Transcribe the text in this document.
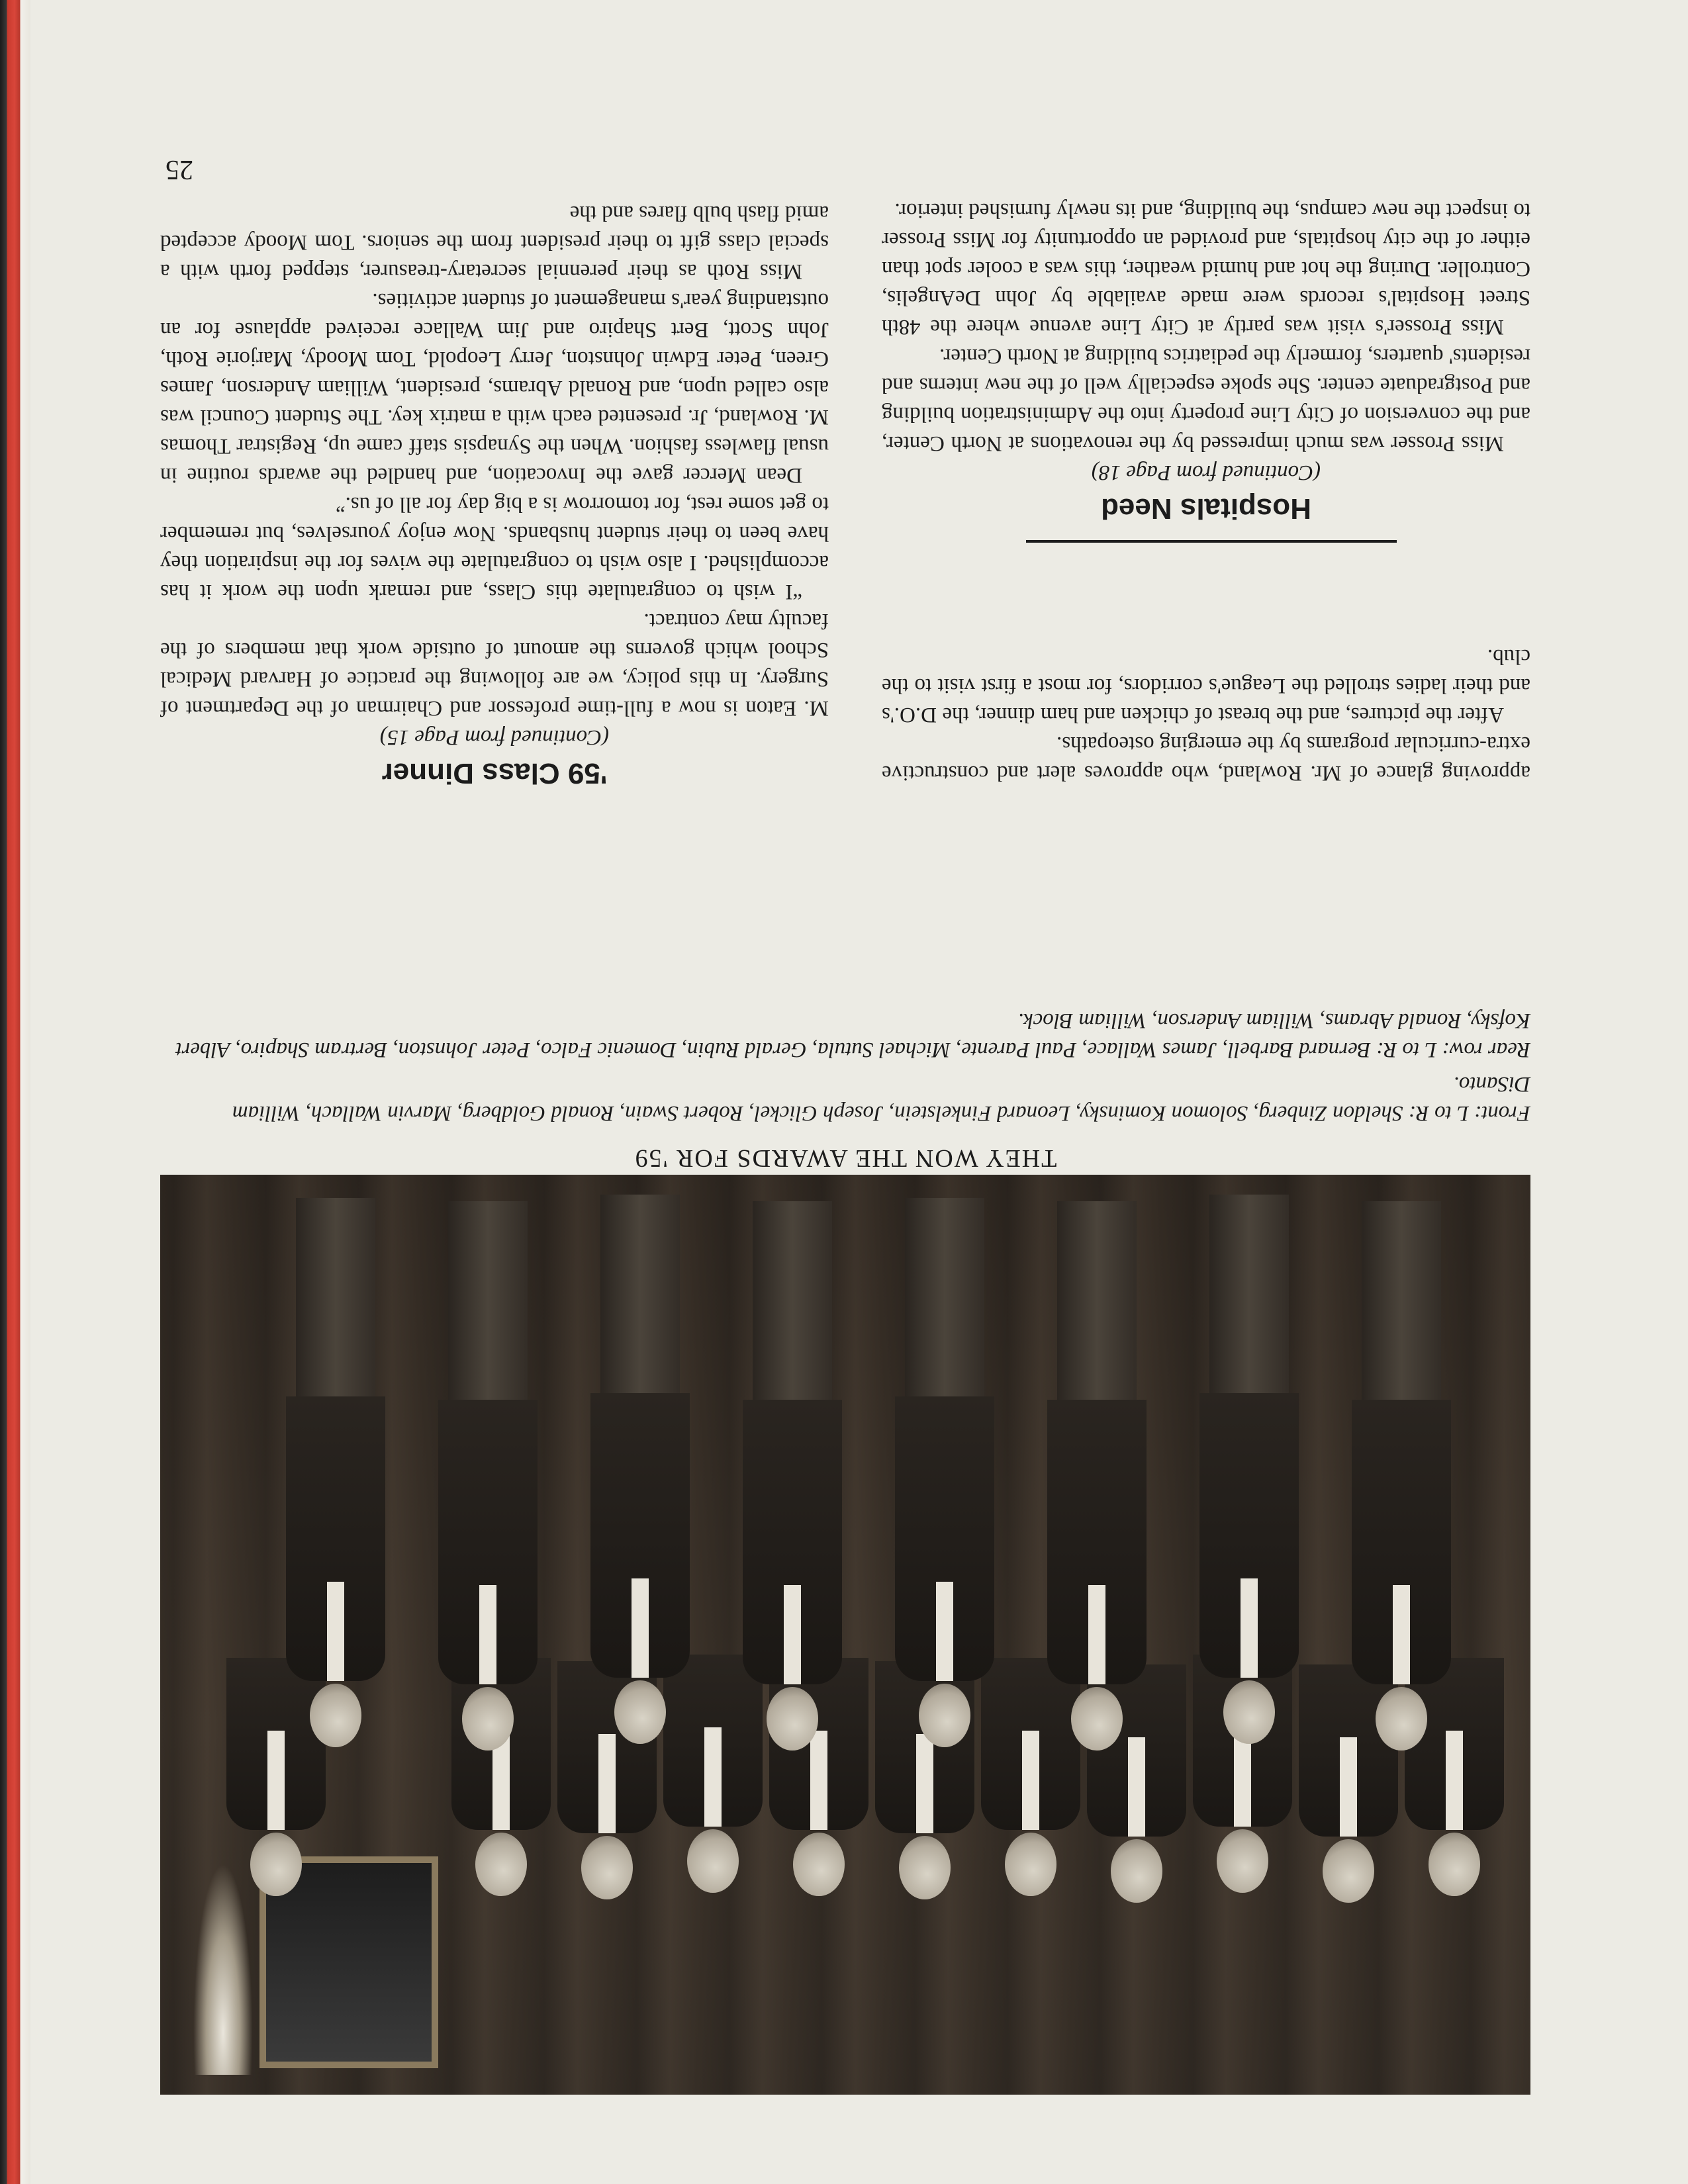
THEY WON THE AWARDS FOR '59

Front: L to R: Sheldon Zinberg, Solomon Kominsky, Leonard Finkelstein, Joseph Glickel, Robert Swain, Ronald Goldberg, Marvin Wallach, William DiSanto.

Rear row: L to R: Bernard Barbell, James Wallace, Paul Parente, Michael Sutula, Gerald Rubin, Domenic Falco, Peter Johnston, Bertram Shapiro, Albert Kofsky, Ronald Abrams, William Anderson, William Block.

'59 Class Dinner

(Continued from Page 15)

M. Eaton is now a full-time professor and Chairman of the Department of Surgery. In this policy, we are following the practice of Harvard Medical School which governs the amount of outside work that members of the faculty may contract.

“I wish to congratulate this Class, and remark upon the work it has accomplished. I also wish to congratulate the wives for the inspiration they have been to their student husbands. Now enjoy yourselves, but remember to get some rest, for tomorrow is a big day for all of us.”

Dean Mercer gave the Invocation, and handled the awards routine in usual flawless fashion. When the Synapsis staff came up, Registrar Thomas M. Rowland, Jr. presented each with a matrix key. The Student Council was also called upon, and Ronald Abrams, president, William Anderson, James Green, Peter Edwin Johnston, Jerry Leopold, Tom Moody, Marjorie Roth, John Scott, Bert Shapiro and Jim Wallace received applause for an outstanding year's management of student activities.

Miss Roth as their perennial secretary-treasurer, stepped forth with a special class gift to their president from the seniors. Tom Moody accepted amid flash bulb flares and the

approving glance of Mr. Rowland, who approves alert and constructive extra-curricular programs by the emerging osteopaths.

After the pictures, and the breast of chicken and ham dinner, the D.O.'s and their ladies strolled the League's corridors, for most a first visit to the club.

Hospitals Need

(Continued from Page 18)

Miss Prosser was much impressed by the renovations at North Center, and the conversion of City Line property into the Administration building and Postgraduate center. She spoke especially well of the new interns and residents' quarters, formerly the pediatrics building at North Center.

Miss Prosser's visit was partly at City Line avenue where the 48th Street Hospital's records were made available by John DeAngelis, Controller. During the hot and humid weather, this was a cooler spot than either of the city hospitals, and provided an opportunity for Miss Prosser to inspect the new campus, the building, and its newly furnished interior.

25
